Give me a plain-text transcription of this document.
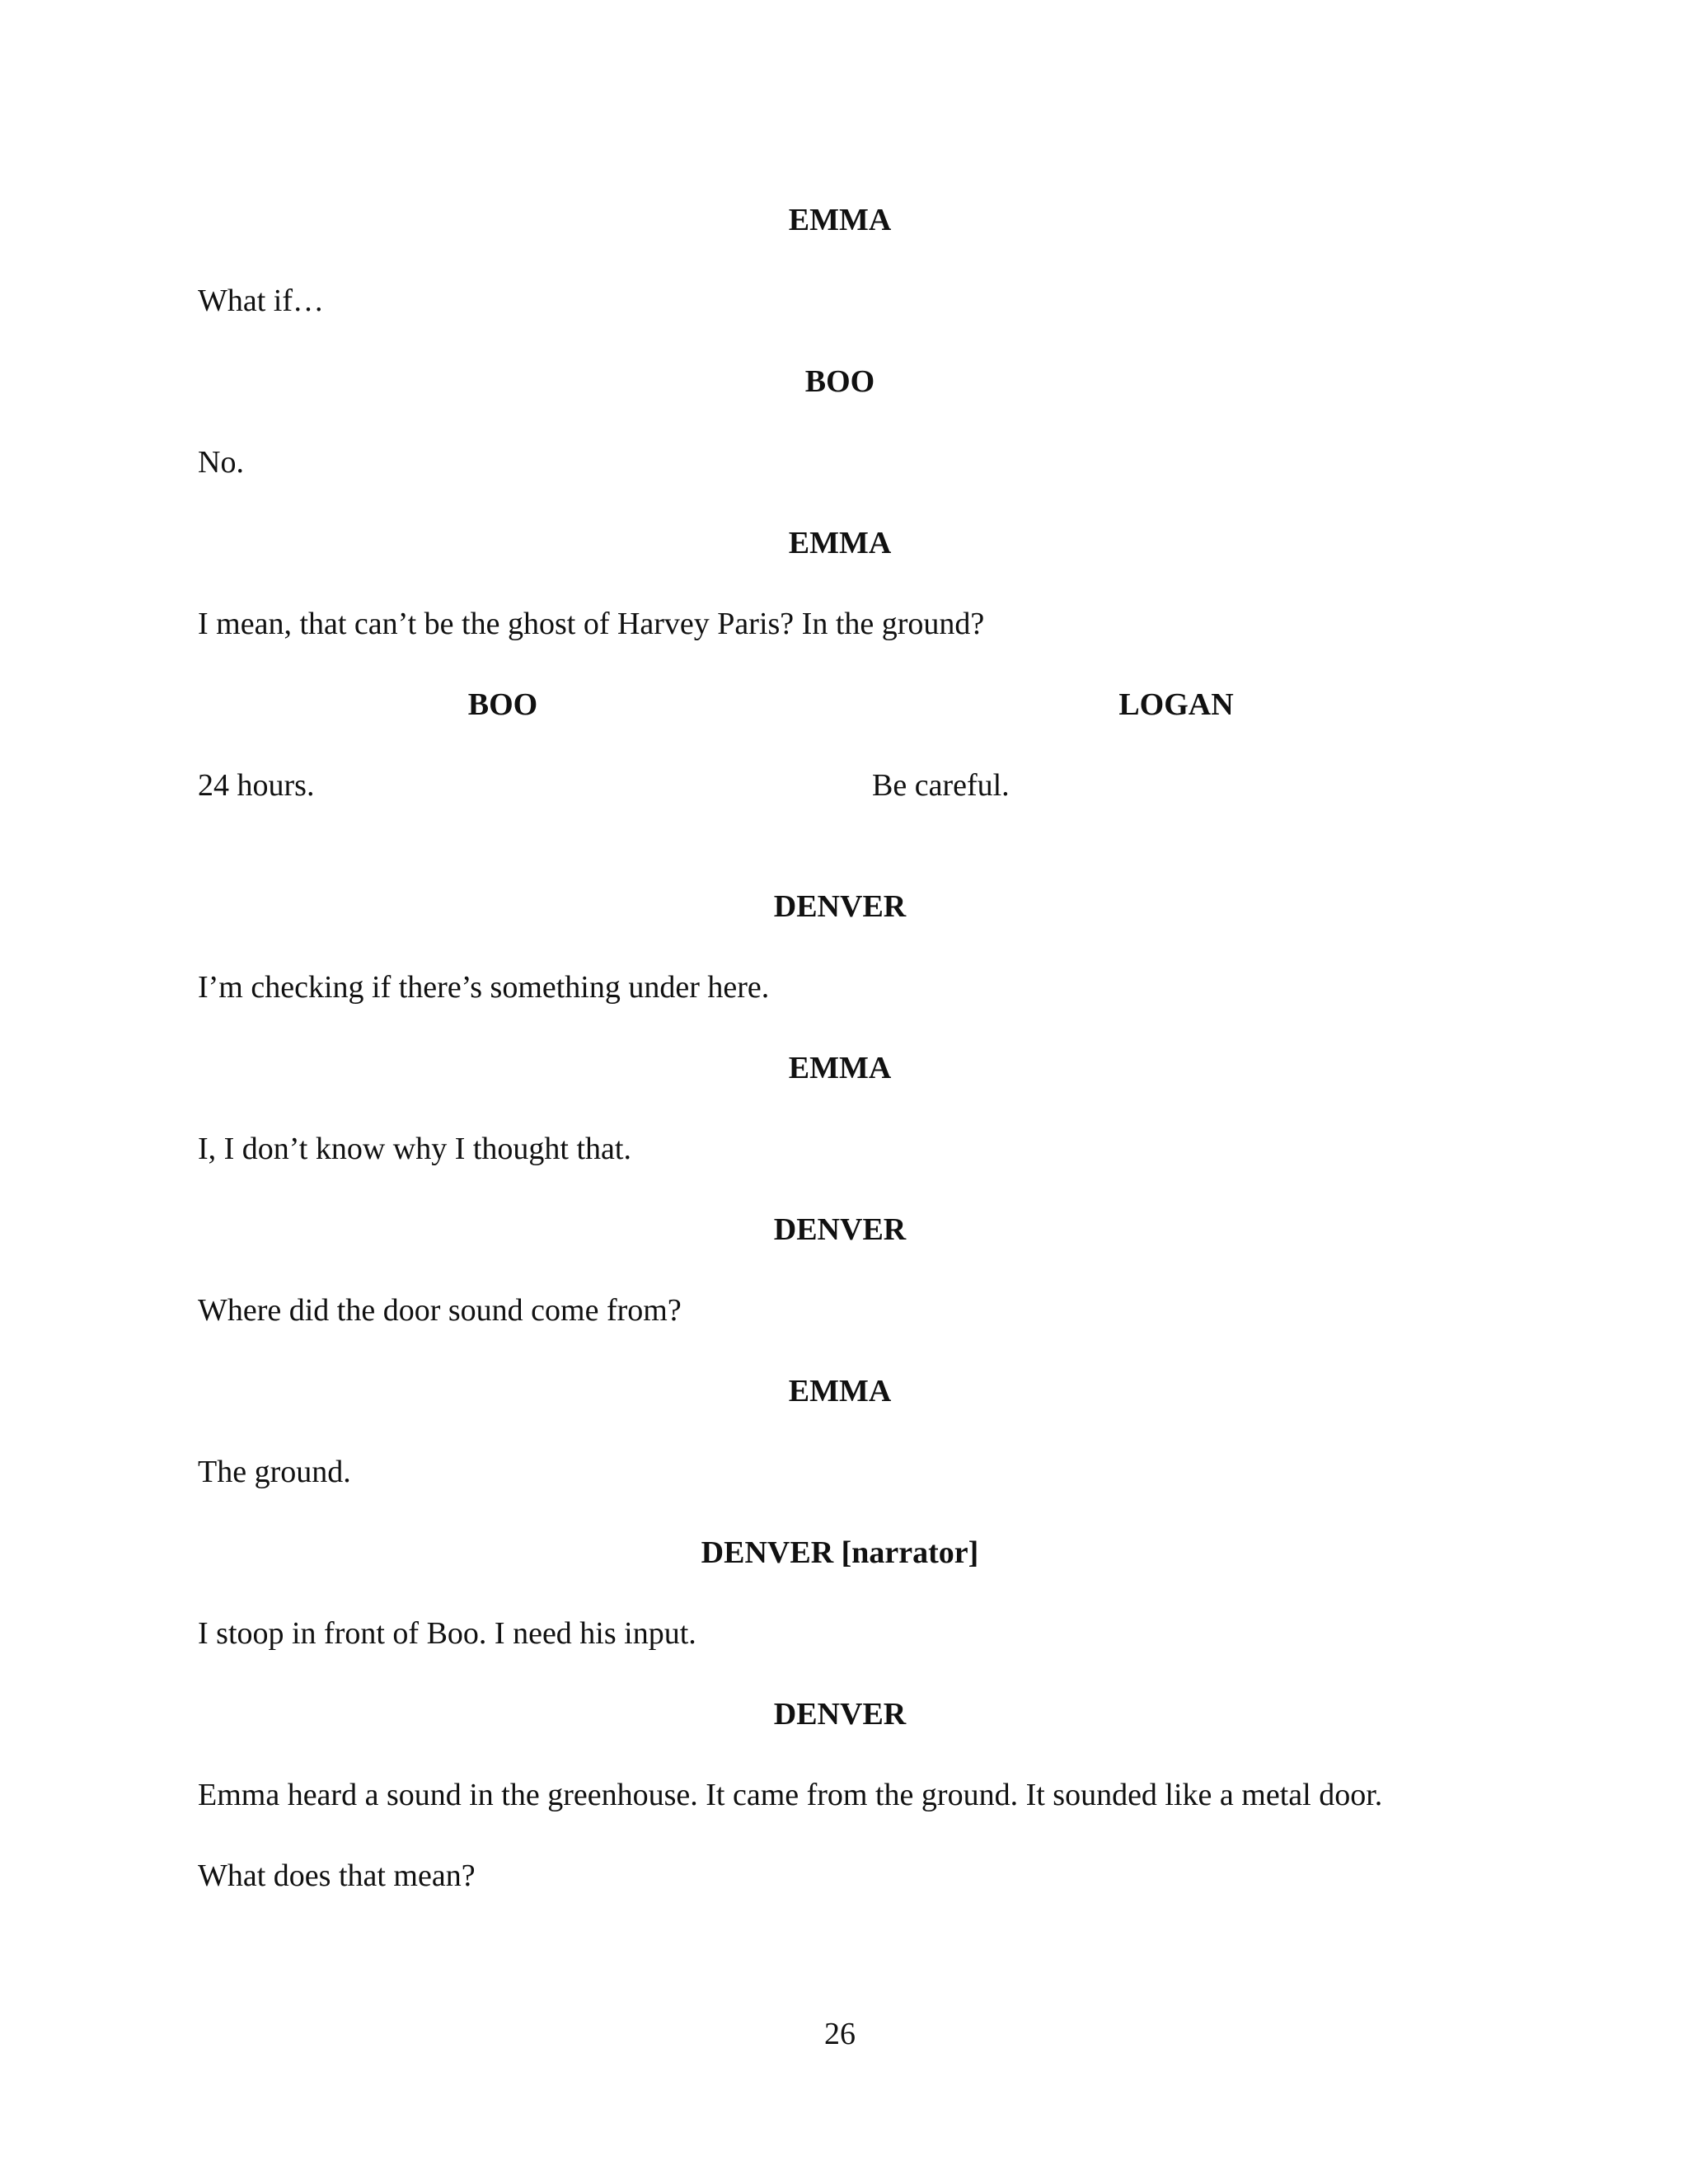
EMMA
What if…
BOO
No.
EMMA
I mean, that can’t be the ghost of Harvey Paris? In the ground?
BOO	LOGAN
24 hours.	Be careful.
DENVER
I’m checking if there’s something under here.
EMMA
I, I don’t know why I thought that.
DENVER
Where did the door sound come from?
EMMA
The ground.
DENVER [narrator]
I stoop in front of Boo. I need his input.
DENVER
Emma heard a sound in the greenhouse. It came from the ground. It sounded like a metal door.
What does that mean?
26
